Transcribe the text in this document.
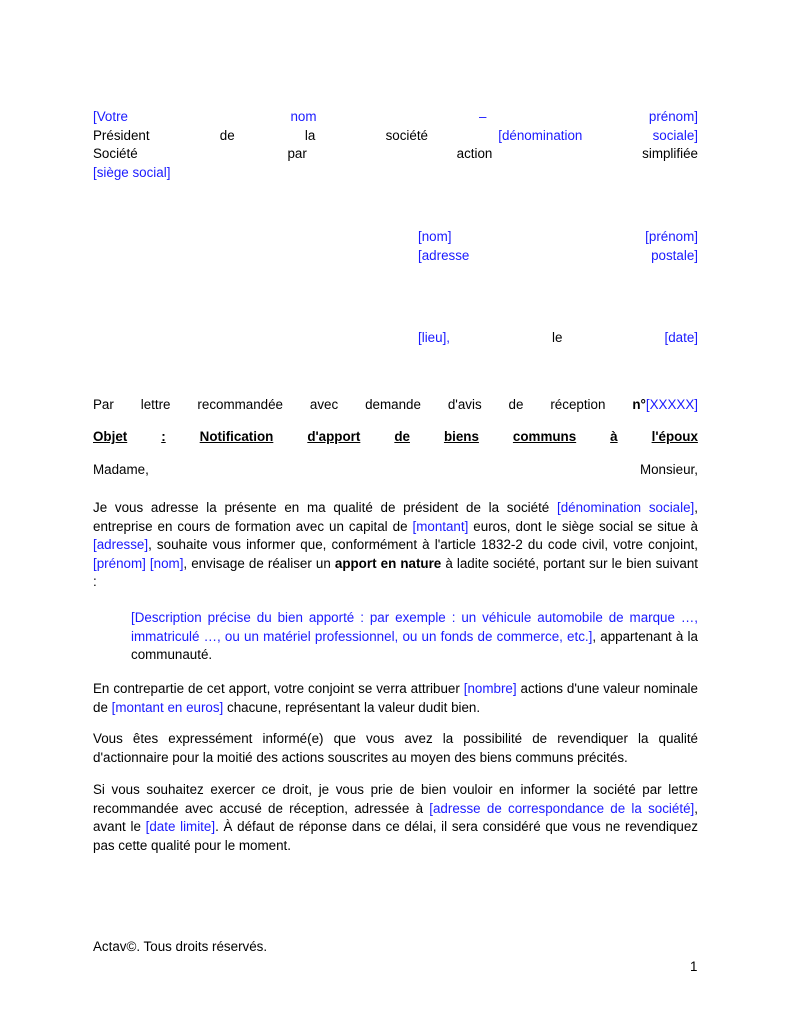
[Votre	nom	–	prénom]
Président	de	la	société	[dénomination	sociale]
Société	par	action	simplifiée
[siège social]
[nom]	[prénom]
[adresse	postale]
[lieu],	le	[date]
Par lettre recommandée avec demande d'avis de réception n°[XXXXX]
Objet	:	Notification	d'apport	de	biens	communs	à	l'époux
Madame,	Monsieur,
Je vous adresse la présente en ma qualité de président de la société [dénomination sociale], entreprise en cours de formation avec un capital de [montant] euros, dont le siège social se situe à [adresse], souhaite vous informer que, conformément à l'article 1832-2 du code civil, votre conjoint, [prénom] [nom], envisage de réaliser un apport en nature à ladite société, portant sur le bien suivant :
[Description précise du bien apporté : par exemple : un véhicule automobile de marque …, immatriculé …, ou un matériel professionnel, ou un fonds de commerce, etc.], appartenant à la communauté.
En contrepartie de cet apport, votre conjoint se verra attribuer [nombre] actions d'une valeur nominale de [montant en euros] chacune, représentant la valeur dudit bien.
Vous êtes expressément informé(e) que vous avez la possibilité de revendiquer la qualité d'actionnaire pour la moitié des actions souscrites au moyen des biens communs précités.
Si vous souhaitez exercer ce droit, je vous prie de bien vouloir en informer la société par lettre recommandée avec accusé de réception, adressée à [adresse de correspondance de la société], avant le [date limite]. À défaut de réponse dans ce délai, il sera considéré que vous ne revendiquez pas cette qualité pour le moment.
Actav©. Tous droits réservés.
1
